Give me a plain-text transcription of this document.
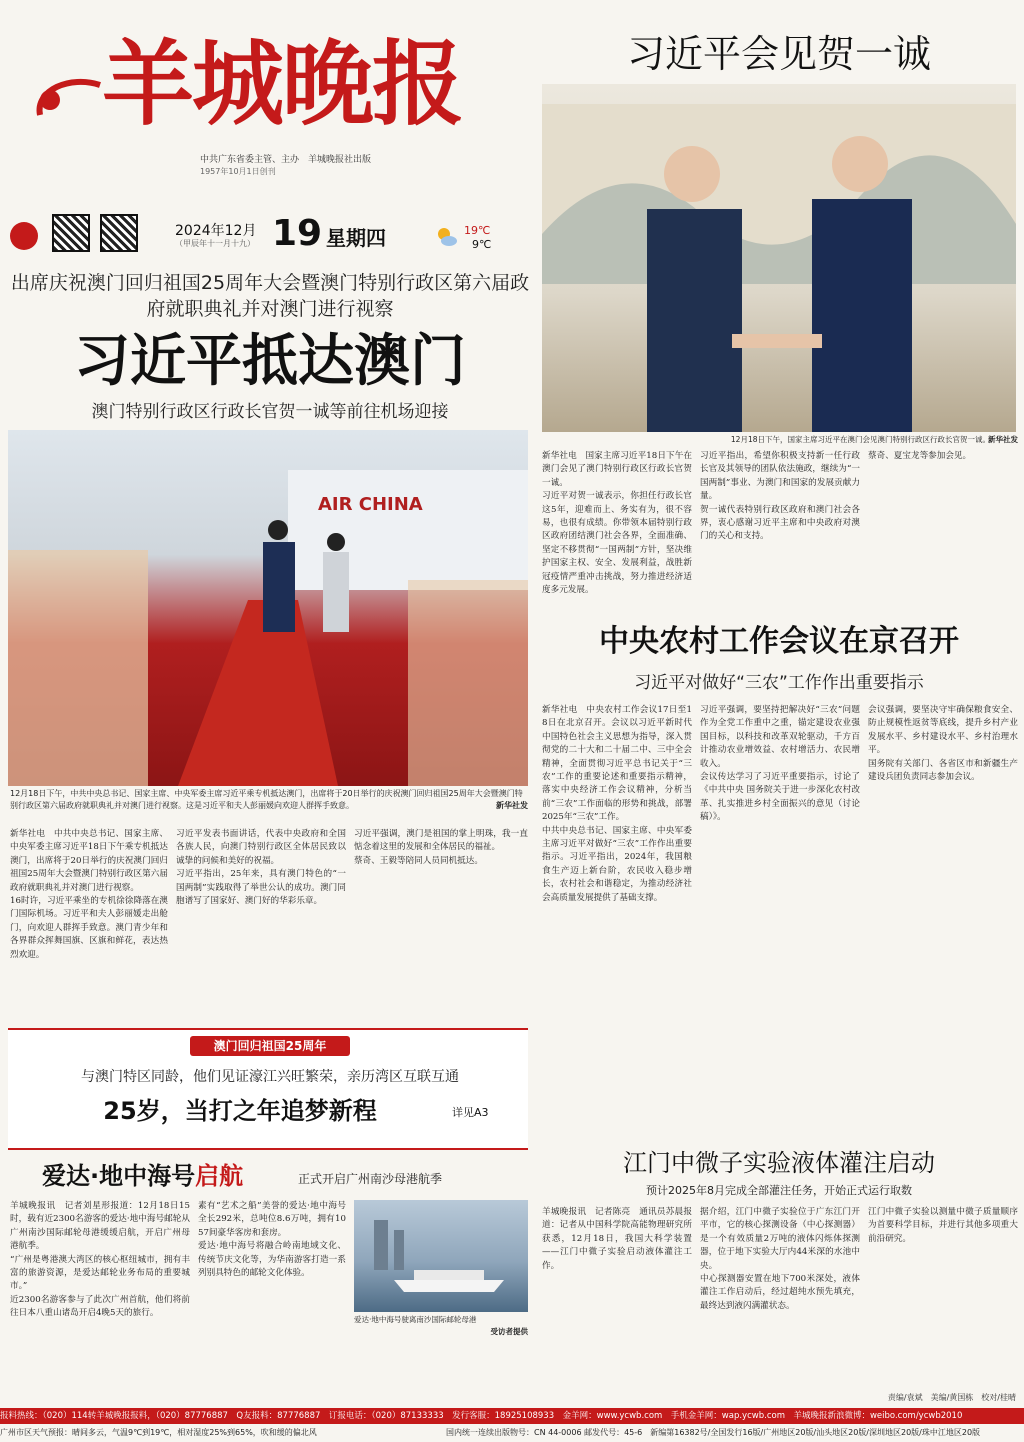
羊城晚报
中共广东省委主管、主办　羊城晚报社出版
1957年10月1日创刊
2024年12月
（甲辰年十一月十九） 19 星期四	19℃
9℃
出席庆祝澳门回归祖国25周年大会暨澳门特别行政区第六届政府就职典礼并对澳门进行视察
习近平抵达澳门
澳门特别行政区行政长官贺一诚等前往机场迎接
AIR CHINA
12月18日下午，中共中央总书记、国家主席、中央军委主席习近平乘专机抵达澳门，出席将于20日举行的庆祝澳门回归祖国25周年大会暨澳门特别行政区第六届政府就职典礼并对澳门进行视察。这是习近平和夫人彭丽媛向欢迎人群挥手致意。	新华社发

新华社电　中共中央总书记、国家主席、中央军委主席习近平18日下午乘专机抵达澳门，出席将于20日举行的庆祝澳门回归祖国25周年大会暨澳门特别行政区第六届政府就职典礼并对澳门进行视察。

16时许，习近平乘坐的专机徐徐降落在澳门国际机场。习近平和夫人彭丽媛走出舱门，向欢迎人群挥手致意。澳门青少年和各界群众挥舞国旗、区旗和鲜花，表达热烈欢迎。

习近平发表书面讲话，代表中央政府和全国各族人民，向澳门特别行政区全体居民致以诚挚的问候和美好的祝福。

习近平指出，25年来，具有澳门特色的“一国两制”实践取得了举世公认的成功。澳门同胞谱写了国家好、澳门好的华彩乐章。

习近平强调，澳门是祖国的掌上明珠，我一直惦念着这里的发展和全体居民的福祉。

蔡奇、王毅等陪同人员同机抵达。

澳门回归祖国25周年
与澳门特区同龄，他们见证濠江兴旺繁荣，亲历湾区互联互通
25岁，当打之年追梦新程	详见A3
爱达·地中海号启航	正式开启广州南沙母港航季

羊城晚报讯　记者刘星形报道：12月18日15时，载有近2300名游客的爱达·地中海号邮轮从广州南沙国际邮轮母港缓缓启航，开启广州母港航季。

“广州是粤港澳大湾区的核心枢纽城市，拥有丰富的旅游资源，是爱达邮轮业务布局的重要城市。”

近2300名游客参与了此次广州首航，他们将前往日本八重山诸岛开启4晚5天的旅行。

素有“艺术之船”美誉的爱达·地中海号全长292米，总吨位8.6万吨，拥有1057间豪华客房和套房。

爱达·地中海号将融合岭南地域文化、传统节庆文化等，为华南游客打造一系列别具特色的邮轮文化体验。

爱达·地中海号驶离南沙国际邮轮母港
受访者提供
习近平会见贺一诚
12月18日下午，国家主席习近平在澳门会见澳门特别行政区行政长官贺一诚。
新华社发

新华社电　国家主席习近平18日下午在澳门会见了澳门特别行政区行政长官贺一诚。

习近平对贺一诚表示，你担任行政长官这5年，迎难而上、务实有为，很不容易，也很有成绩。你带领本届特别行政区政府团结澳门社会各界，全面准确、坚定不移贯彻“一国两制”方针，坚决维护国家主权、安全、发展利益，战胜新冠疫情严重冲击挑战，努力推进经济适度多元发展。

习近平指出，希望你积极支持新一任行政长官及其领导的团队依法施政，继续为“一国两制”事业、为澳门和国家的发展贡献力量。

贺一诚代表特别行政区政府和澳门社会各界，衷心感谢习近平主席和中央政府对澳门的关心和支持。

蔡奇、夏宝龙等参加会见。

中央农村工作会议在京召开
习近平对做好“三农”工作作出重要指示

新华社电　中央农村工作会议17日至18日在北京召开。会议以习近平新时代中国特色社会主义思想为指导，深入贯彻党的二十大和二十届二中、三中全会精神，全面贯彻习近平总书记关于“三农”工作的重要论述和重要指示精神，落实中央经济工作会议精神，分析当前“三农”工作面临的形势和挑战，部署2025年“三农”工作。

中共中央总书记、国家主席、中央军委主席习近平对做好“三农”工作作出重要指示。习近平指出，2024年，我国粮食生产迈上新台阶，农民收入稳步增长，农村社会和谐稳定，为推动经济社会高质量发展提供了基础支撑。

习近平强调，要坚持把解决好“三农”问题作为全党工作重中之重，锚定建设农业强国目标，以科技和改革双轮驱动，千方百计推动农业增效益、农村增活力、农民增收入。

会议传达学习了习近平重要指示，讨论了《中共中央 国务院关于进一步深化农村改革、扎实推进乡村全面振兴的意见（讨论稿）》。

会议强调，要坚决守牢确保粮食安全、防止规模性返贫等底线，提升乡村产业发展水平、乡村建设水平、乡村治理水平。

国务院有关部门、各省区市和新疆生产建设兵团负责同志参加会议。

江门中微子实验液体灌注启动
预计2025年8月完成全部灌注任务，开始正式运行取数

羊城晚报讯　记者陈亮　通讯员苏晨报道：记者从中国科学院高能物理研究所获悉，12月18日，我国大科学装置——江门中微子实验启动液体灌注工作。

据介绍，江门中微子实验位于广东江门开平市，它的核心探测设备（中心探测器）是一个有效质量2万吨的液体闪烁体探测器，位于地下实验大厅内44米深的水池中央。

中心探测器安置在地下700米深处，液体灌注工作启动后，经过超纯水预先填充，最终达到液闪满灌状态。

江门中微子实验以测量中微子质量顺序为首要科学目标，并进行其他多项重大前沿研究。

责编/袁斌　美编/黄国栋　校对/桂晴
报料热线：（020）114转羊城晚报报料，（020）87776887　Q友报料：87776887　订报电话：（020）87133333　发行客服：18925108933　金羊网：www.ycwb.com　手机金羊网：wap.ycwb.com　羊城晚报新浪微博：weibo.com/ycwb2010
广州市区天气预报：晴间多云，气温9℃到19℃，相对湿度25%到65%，吹和缓的偏北风	国内统一连续出版物号：CN 44-0006 邮发代号：45-6　新编第16382号/全国发行16版/广州地区20版/汕头地区20版/深圳地区20版/珠中江地区20版
